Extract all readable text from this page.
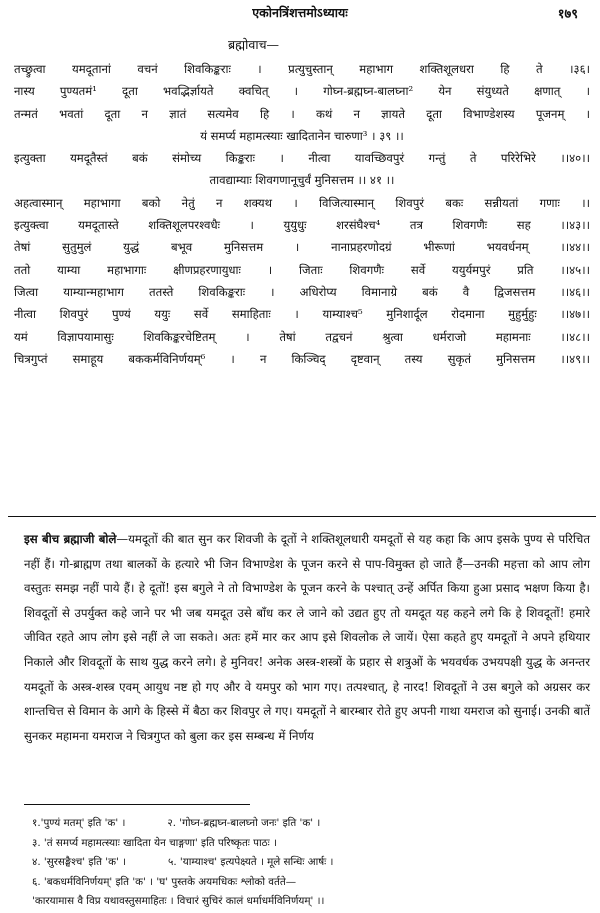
एकोनत्रिंशत्तमोऽध्यायः	१७९
ब्रह्मोवाच—
तच्छ्रुत्वा यमदूतानां वचनं शिवकिङ्कराः । प्रत्युचुस्तान् महाभाग शक्तिशूलधरा हि ते ।३६।
नास्य पुण्यतमं¹ दूता भवद्भिर्ज्ञायते क्वचित् । गोघ्न-ब्रह्मघ्न-बालघ्ना² येन संयुध्यते क्षणात् ।
तन्मतं भवतां दूता न ज्ञातं सत्यमेव हि । कथं न ज्ञायते दूता विभाण्डेशस्य पूजनम् ।
यं समर्प्य महामत्स्याः खादितानेन चारुणा³ । ३९ ।।
इत्युक्ता यमदूतैस्तं बकं संमोच्य किङ्कराः । नीत्वा यावच्छिवपुरं गन्तुं ते परिरेभिरे ।।४०।।
तावद्याम्याः शिवगणानूचुर्वं मुनिसत्तम ।। ४१ ।।
अहत्वास्मान् महाभागा बको नेतुं न शक्यथ । विजित्यास्मान् शिवपुरं बकः सन्नीयतां गणाः ।।
इत्युक्त्वा यमदूतास्ते शक्तिशूलपरश्वधैः । युयुधुः शरसंघैश्च⁴ तत्र शिवगणैः सह ।।४३।।
तेषां सुतुमुलं युद्धं बभूव मुनिसत्तम । नानाप्रहरणोदग्रं भीरूणां भयवर्धनम् ।।४४।।
ततो याम्या महाभागाः क्षीणप्रहरणायुधाः । जिताः शिवगणैः सर्वे ययुर्यमपुरं प्रति ।।४५।।
जित्वा याम्यान्महाभाग ततस्ते शिवकिङ्कराः । अधिरोप्य विमानाग्रे बकं वै द्विजसत्तम ।।४६।।
नीत्वा शिवपुरं पुण्यं ययुः सर्वे समाहिताः । याम्याश्च⁵ मुनिशार्दूल रोदमाना मुहुर्मुहुः ।।४७।।
यमं विज्ञापयामासुः शिवकिङ्करचेष्टितम् । तेषां तद्वचनं श्रुत्वा धर्मराजो महामनाः ।।४८।।
चित्रगुप्तं समाहूय बककर्मविनिर्णयम्⁶ । न किञ्चिद् दृष्टवान् तस्य सुकृतं मुनिसत्तम ।।४९।।
इस बीच ब्रह्माजी बोले—यमदूतों की बात सुन कर शिवजी के दूतों ने शक्तिशूलधारी यमदूतों से यह कहा कि आप इसके पुण्य से परिचित नहीं हैं। गो-ब्राह्मण तथा बालकों के हत्यारे भी जिन विभाण्डेश के पूजन करने से पाप-विमुक्त हो जाते हैं—उनकी महत्ता को आप लोग वस्तुतः समझ नहीं पाये हैं। हे दूतों! इस बगुले ने तो विभाण्डेश के पूजन करने के पश्चात् उन्हें अर्पित किया हुआ प्रसाद भक्षण किया है। शिवदूतों से उपर्युक्त कहे जाने पर भी जब यमदूत उसे बाँध कर ले जाने को उद्यत हुए तो यमदूत यह कहने लगे कि हे शिवदूतों! हमारे जीवित रहते आप लोग इसे नहीं ले जा सकते। अतः हमें मार कर आप इसे शिवलोक ले जायें। ऐसा कहते हुए यमदूतों ने अपने हथियार निकाले और शिवदूतों के साथ युद्ध करने लगे। हे मुनिवर! अनेक अस्त्र-शस्त्रों के प्रहार से शत्रुओं के भयवर्धक उभयपक्षी युद्ध के अनन्तर यमदूतों के अस्त्र-शस्त्र एवम् आयुध नष्ट हो गए और वे यमपुर को भाग गए। तत्पश्चात्, हे नारद! शिवदूतों ने उस बगुले को अग्रसर कर शान्तचित्त से विमान के आगे के हिस्से में बैठा कर शिवपुर ले गए। यमदूतों ने बारम्बार रोते हुए अपनी गाथा यमराज को सुनाई। उनकी बातें सुनकर महामना यमराज ने चित्रगुप्त को बुला कर इस सम्बन्ध में निर्णय
१.'पुण्यं मतम्' इति 'क' ।	२. 'गोघ्न-ब्रह्मघ्न-बालघ्नो जनः' इति 'क' ।
३. 'तं समर्प्य महामत्स्याः खादिता येन चाङ्गणा' इति परिष्कृतः पाठः ।
४. 'सुरसङ्घैश्च' इति 'क' ।	५. 'याम्याश्च' इत्यपेक्ष्यते । मूले सन्धिः आर्षः ।
६. 'बकधर्मविनिर्णयम्' इति 'क' । 'घ' पुस्तके अयमधिकः श्लोको वर्तते—
'कारयामास वै विप्र यथावस्तुसमाहितः । विचारं सुचिरं कालं धर्माधर्मविनिर्णयम्' ।।
